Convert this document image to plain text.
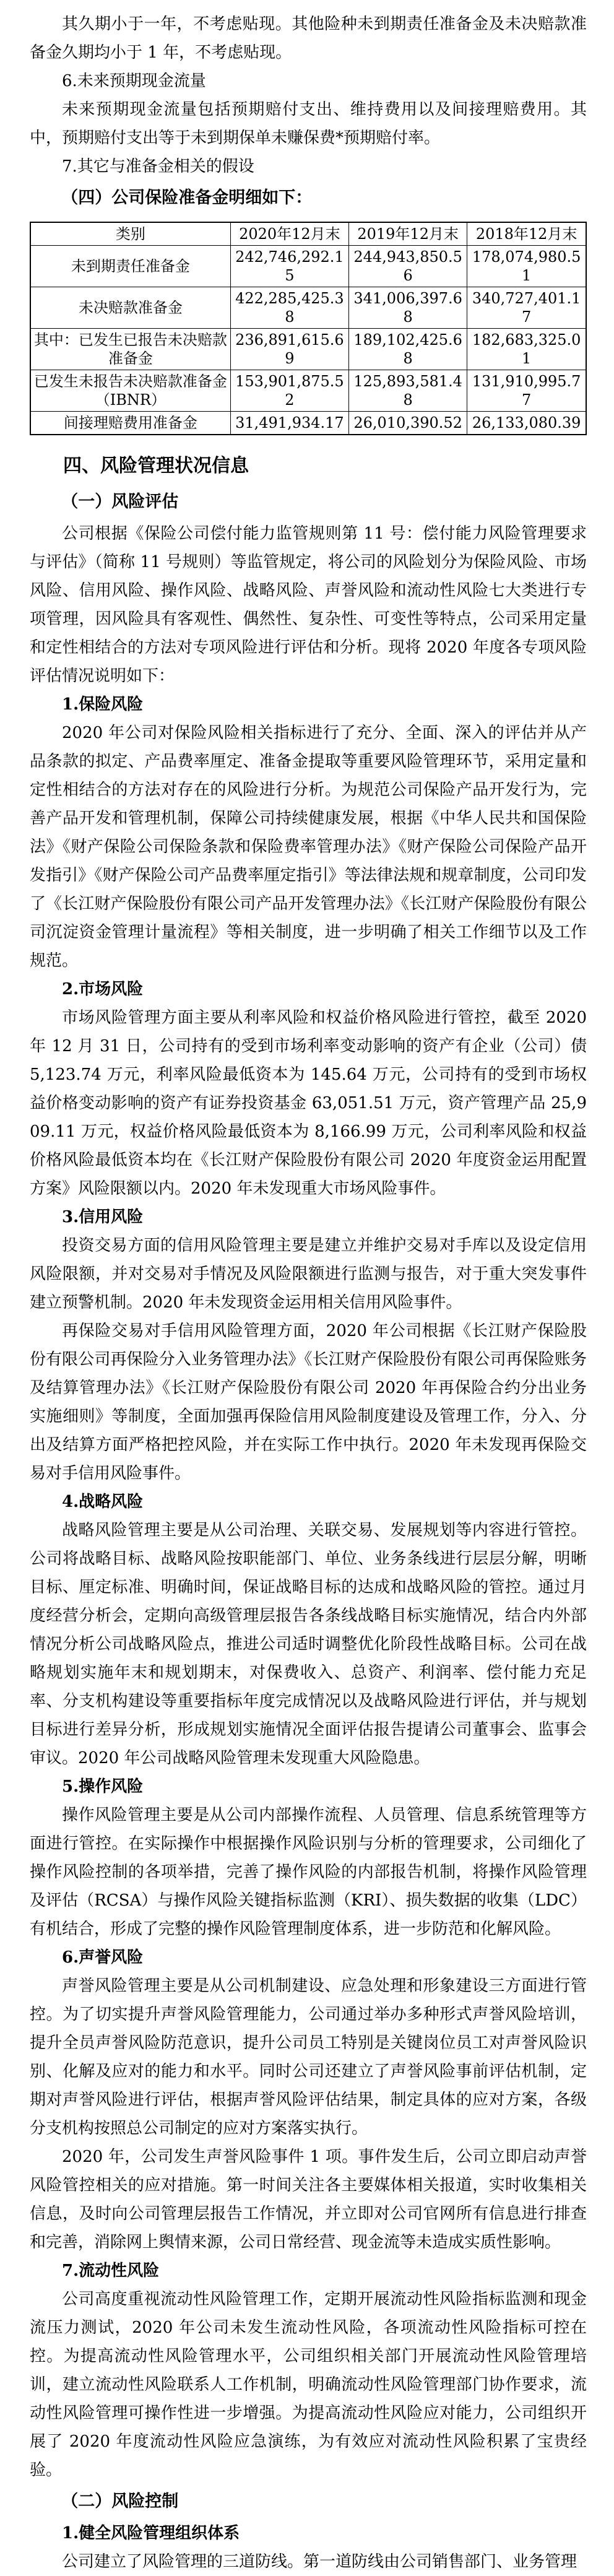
其久期小于一年，不考虑贴现。其他险种未到期责任准备金及未决赔款准备金久期均小于 1 年，不考虑贴现。

6.未来预期现金流量

未来预期现金流量包括预期赔付支出、维持费用以及间接理赔费用。其中，预期赔付支出等于未到期保单未赚保费*预期赔付率。

7.其它与准备金相关的假设

（四）公司保险准备金明细如下：
类别	2020年12月末	2019年12月末	2018年12月末
未到期责任准备金	242,746,292.15	244,943,850.56	178,074,980.51
未决赔款准备金	422,285,425.38	341,006,397.68	340,727,401.17
其中：已发生已报告未决赔款准备金	236,891,615.69	189,102,425.68	182,683,325.01
已发生未报告未决赔款准备金（IBNR）	153,901,875.52	125,893,581.48	131,910,995.77
间接理赔费用准备金	31,491,934.17	26,010,390.52	26,133,080.39
四、风险管理状况信息
（一）风险评估

公司根据《保险公司偿付能力监管规则第 11 号：偿付能力风险管理要求与评估》（简称 11 号规则）等监管规定，将公司的风险划分为保险风险、市场风险、信用风险、操作风险、战略风险、声誉风险和流动性风险七大类进行专项管理，因风险具有客观性、偶然性、复杂性、可变性等特点，公司采用定量和定性相结合的方法对专项风险进行评估和分析。现将 2020 年度各专项风险评估情况说明如下：

1.保险风险

2020 年公司对保险风险相关指标进行了充分、全面、深入的评估并从产品条款的拟定、产品费率厘定、准备金提取等重要风险管理环节，采用定量和定性相结合的方法对存在的风险进行分析。为规范公司保险产品开发行为，完善产品开发和管理机制，保障公司持续健康发展，根据《中华人民共和国保险法》《财产保险公司保险条款和保险费率管理办法》《财产保险公司保险产品开发指引》《财产保险公司产品费率厘定指引》等法律法规和规章制度，公司印发了《长江财产保险股份有限公司产品开发管理办法》《长江财产保险股份有限公司沉淀资金管理计量流程》等相关制度，进一步明确了相关工作细节以及工作规范。

2.市场风险

市场风险管理方面主要从利率风险和权益价格风险进行管控，截至 2020 年 12 月 31 日，公司持有的受到市场利率变动影响的资产有企业（公司）债 5,123.74 万元，利率风险最低资本为 145.64 万元，公司持有的受到市场权益价格变动影响的资产有证券投资基金 63,051.51 万元，资产管理产品 25,909.11 万元，权益价格风险最低资本为 8,166.99 万元，公司利率风险和权益价格风险最低资本均在《长江财产保险股份有限公司 2020 年度资金运用配置方案》风险限额以内。2020 年未发现重大市场风险事件。

3.信用风险

投资交易方面的信用风险管理主要是建立并维护交易对手库以及设定信用风险限额，并对交易对手情况及风险限额进行监测与报告，对于重大突发事件建立预警机制。2020 年未发现资金运用相关信用风险事件。

再保险交易对手信用风险管理方面，2020 年公司根据《长江财产保险股份有限公司再保险分入业务管理办法》《长江财产保险股份有限公司再保险账务及结算管理办法》《长江财产保险股份有限公司 2020 年再保险合约分出业务实施细则》等制度，全面加强再保险信用风险制度建设及管理工作，分入、分出及结算方面严格把控风险，并在实际工作中执行。2020 年未发现再保险交易对手信用风险事件。

4.战略风险

战略风险管理主要是从公司治理、关联交易、发展规划等内容进行管控。公司将战略目标、战略风险按职能部门、单位、业务条线进行层层分解，明晰目标、厘定标准、明确时间，保证战略目标的达成和战略风险的管控。通过月度经营分析会，定期向高级管理层报告各条线战略目标实施情况，结合内外部情况分析公司战略风险点，推进公司适时调整优化阶段性战略目标。公司在战略规划实施年末和规划期末，对保费收入、总资产、利润率、偿付能力充足率、分支机构建设等重要指标年度完成情况以及战略风险进行评估，并与规划目标进行差异分析，形成规划实施情况全面评估报告提请公司董事会、监事会审议。2020 年公司战略风险管理未发现重大风险隐患。

5.操作风险

操作风险管理主要是从公司内部操作流程、人员管理、信息系统管理等方面进行管控。在实际操作中根据操作风险识别与分析的管理要求，公司细化了操作风险控制的各项举措，完善了操作风险的内部报告机制，将操作风险管理及评估（RCSA）与操作风险关键指标监测（KRI）、损失数据的收集（LDC）有机结合，形成了完整的操作风险管理制度体系，进一步防范和化解风险。

6.声誉风险

声誉风险管理主要是从公司机制建设、应急处理和形象建设三方面进行管控。为了切实提升声誉风险管理能力，公司通过举办多种形式声誉风险培训，提升全员声誉风险防范意识，提升公司员工特别是关键岗位员工对声誉风险识别、化解及应对的能力和水平。同时公司还建立了声誉风险事前评估机制，定期对声誉风险进行评估，根据声誉风险评估结果，制定具体的应对方案，各级分支机构按照总公司制定的应对方案落实执行。

2020 年，公司发生声誉风险事件 1 项。事件发生后，公司立即启动声誉风险管控相关的应对措施。第一时间关注各主要媒体相关报道，实时收集相关信息，及时向公司管理层报告工作情况，并立即对公司官网所有信息进行排查和完善，消除网上舆情来源，公司日常经营、现金流等未造成实质性影响。

7.流动性风险

公司高度重视流动性风险管理工作，定期开展流动性风险指标监测和现金流压力测试，2020 年公司未发生流动性风险，各项流动性风险指标可控在控。为提高流动性风险管理水平，公司组织相关部门开展流动性风险管理培训，建立流动性风险联系人工作机制，明确流动性风险管理部门协作要求，流动性风险管理可操作性进一步增强。为提高流动性风险应对能力，公司组织开展了 2020 年度流动性风险应急演练，为有效应对流动性风险积累了宝贵经验。

（二）风险控制
1.健全风险管理组织体系

公司建立了风险管理的三道防线。第一道防线由公司销售部门、业务管理
